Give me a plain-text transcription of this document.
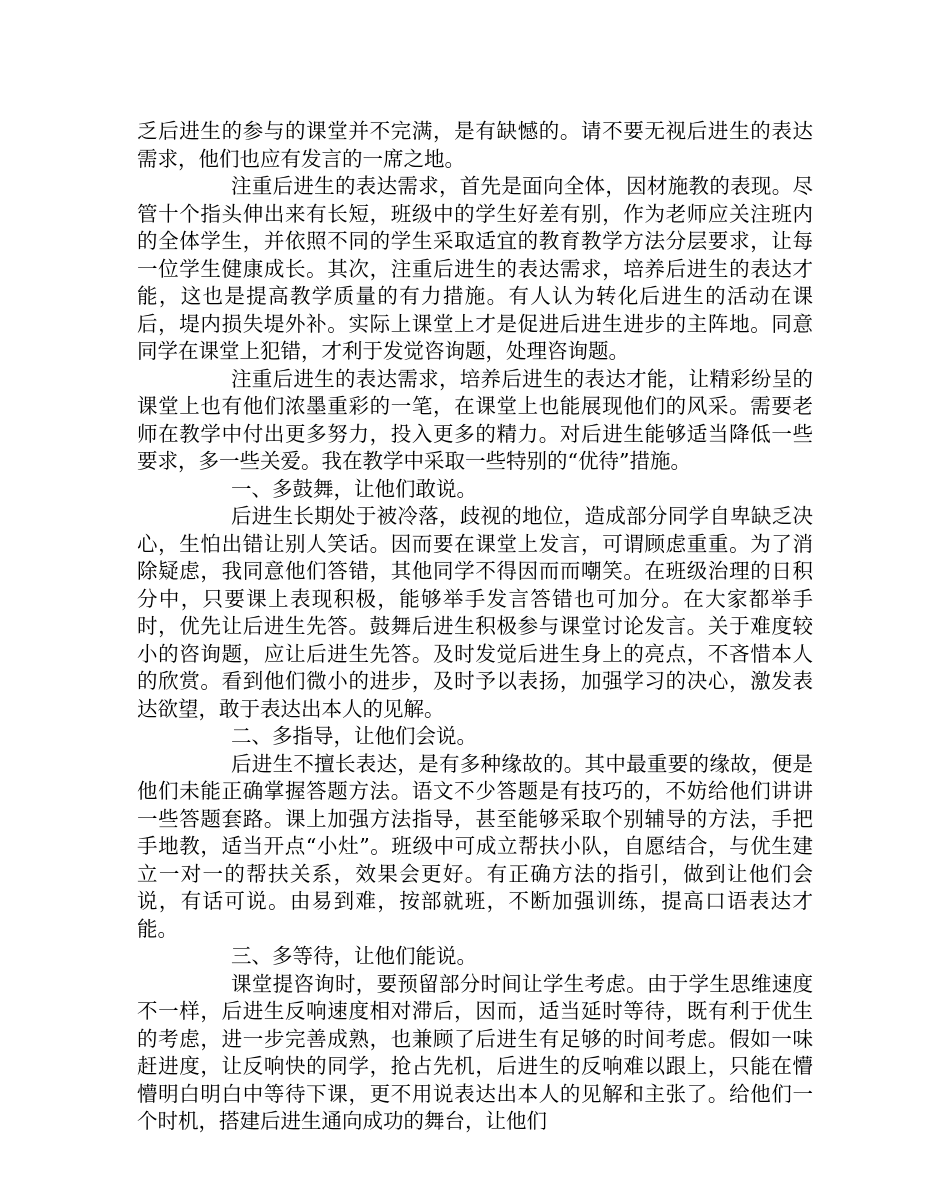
乏后进生的参与的课堂并不完满，是有缺憾的。请不要无视后进生的表达需求，他们也应有发言的一席之地。

注重后进生的表达需求，首先是面向全体，因材施教的表现。尽管十个指头伸出来有长短，班级中的学生好差有别，作为老师应关注班内的全体学生，并依照不同的学生采取适宜的教育教学方法分层要求，让每一位学生健康成长。其次，注重后进生的表达需求，培养后进生的表达才能，这也是提高教学质量的有力措施。有人认为转化后进生的活动在课后，堤内损失堤外补。实际上课堂上才是促进后进生进步的主阵地。同意同学在课堂上犯错，才利于发觉咨询题，处理咨询题。

注重后进生的表达需求，培养后进生的表达才能，让精彩纷呈的课堂上也有他们浓墨重彩的一笔，在课堂上也能展现他们的风采。需要老师在教学中付出更多努力，投入更多的精力。对后进生能够适当降低一些要求，多一些关爱。我在教学中采取一些特别的“优待”措施。

一、多鼓舞，让他们敢说。

后进生长期处于被冷落，歧视的地位，造成部分同学自卑缺乏决心，生怕出错让别人笑话。因而要在课堂上发言，可谓顾虑重重。为了消除疑虑，我同意他们答错，其他同学不得因而而嘲笑。在班级治理的日积分中，只要课上表现积极，能够举手发言答错也可加分。在大家都举手时，优先让后进生先答。鼓舞后进生积极参与课堂讨论发言。关于难度较小的咨询题，应让后进生先答。及时发觉后进生身上的亮点，不吝惜本人的欣赏。看到他们微小的进步，及时予以表扬，加强学习的决心，激发表达欲望，敢于表达出本人的见解。

二、多指导，让他们会说。

后进生不擅长表达，是有多种缘故的。其中最重要的缘故，便是他们未能正确掌握答题方法。语文不少答题是有技巧的，不妨给他们讲讲一些答题套路。课上加强方法指导，甚至能够采取个别辅导的方法，手把手地教，适当开点“小灶”。班级中可成立帮扶小队，自愿结合，与优生建立一对一的帮扶关系，效果会更好。有正确方法的指引，做到让他们会说，有话可说。由易到难，按部就班，不断加强训练，提高口语表达才能。

三、多等待，让他们能说。

课堂提咨询时，要预留部分时间让学生考虑。由于学生思维速度不一样，后进生反响速度相对滞后，因而，适当延时等待，既有利于优生的考虑，进一步完善成熟，也兼顾了后进生有足够的时间考虑。假如一味赶进度，让反响快的同学，抢占先机，后进生的反响难以跟上，只能在懵懵明白明白中等待下课，更不用说表达出本人的见解和主张了。给他们一个时机，搭建后进生通向成功的舞台，让他们
